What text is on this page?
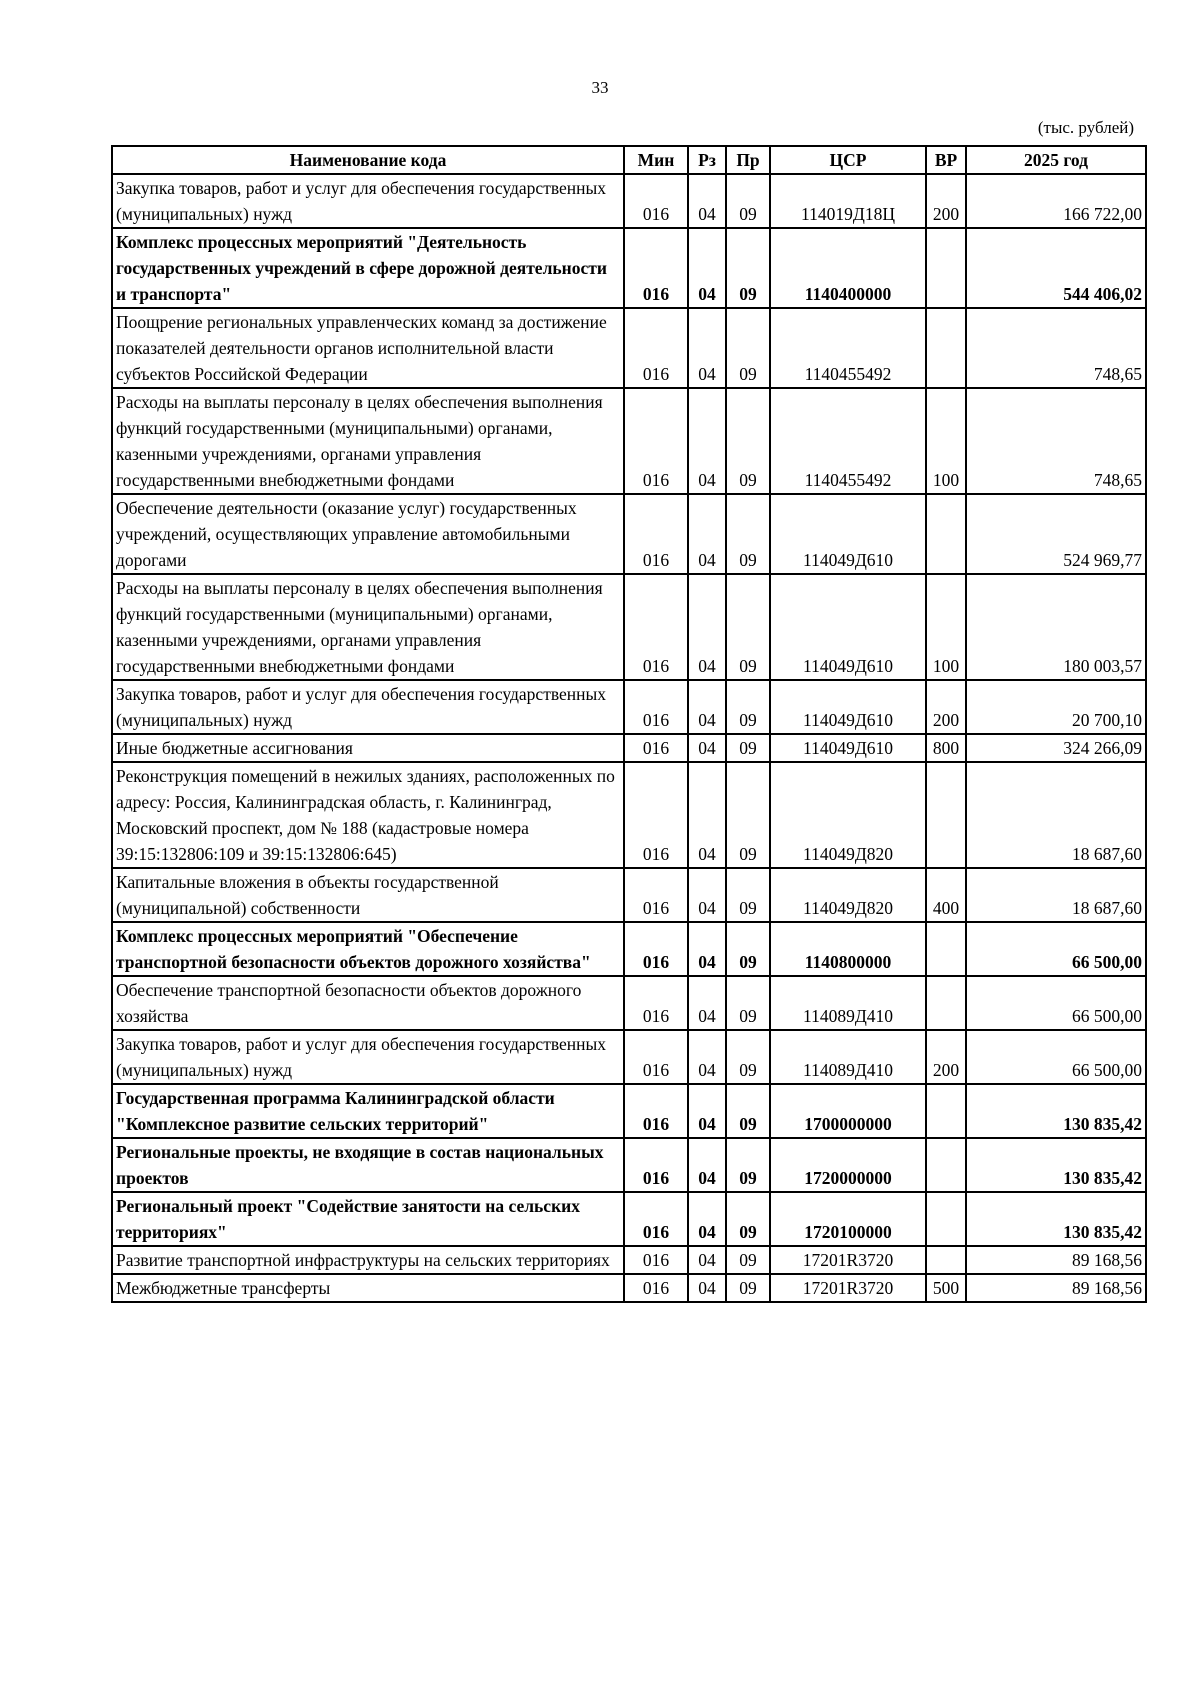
33
(тыс. рублей)
Наименование кода	Мин	Рз	Пр	ЦСР	ВР	2025 год
Закупка товаров, работ и услуг для обеспечения государственных (муниципальных) нужд	016	04	09	114019Д18Ц	200	166 722,00
Комплекс процессных мероприятий "Деятельность государственных учреждений в сфере дорожной деятельности и транспорта"	016	04	09	1140400000		544 406,02
Поощрение региональных управленческих команд за достижение показателей деятельности органов исполнительной власти субъектов Российской Федерации	016	04	09	1140455492		748,65
Расходы на выплаты персоналу в целях обеспечения выполнения функций государственными (муниципальными) органами, казенными учреждениями, органами управления государственными внебюджетными фондами	016	04	09	1140455492	100	748,65
Обеспечение деятельности (оказание услуг) государственных учреждений, осуществляющих управление автомобильными дорогами	016	04	09	114049Д610		524 969,77
Расходы на выплаты персоналу в целях обеспечения выполнения функций государственными (муниципальными) органами, казенными учреждениями, органами управления государственными внебюджетными фондами	016	04	09	114049Д610	100	180 003,57
Закупка товаров, работ и услуг для обеспечения государственных (муниципальных) нужд	016	04	09	114049Д610	200	20 700,10
Иные бюджетные ассигнования	016	04	09	114049Д610	800	324 266,09
Реконструкция помещений в нежилых зданиях, расположенных по адресу: Россия, Калининградская область, г. Калининград, Московский проспект, дом № 188 (кадастровые номера 39:15:132806:109 и 39:15:132806:645)	016	04	09	114049Д820		18 687,60
Капитальные вложения в объекты государственной (муниципальной) собственности	016	04	09	114049Д820	400	18 687,60
Комплекс процессных мероприятий "Обеспечение транспортной безопасности объектов дорожного хозяйства"	016	04	09	1140800000		66 500,00
Обеспечение транспортной безопасности объектов дорожного хозяйства	016	04	09	114089Д410		66 500,00
Закупка товаров, работ и услуг для обеспечения государственных (муниципальных) нужд	016	04	09	114089Д410	200	66 500,00
Государственная программа Калининградской области "Комплексное развитие сельских территорий"	016	04	09	1700000000		130 835,42
Региональные проекты, не входящие в состав национальных проектов	016	04	09	1720000000		130 835,42
Региональный проект "Содействие занятости на сельских территориях"	016	04	09	1720100000		130 835,42
Развитие транспортной инфраструктуры на сельских территориях	016	04	09	17201R3720		89 168,56
Межбюджетные трансферты	016	04	09	17201R3720	500	89 168,56
